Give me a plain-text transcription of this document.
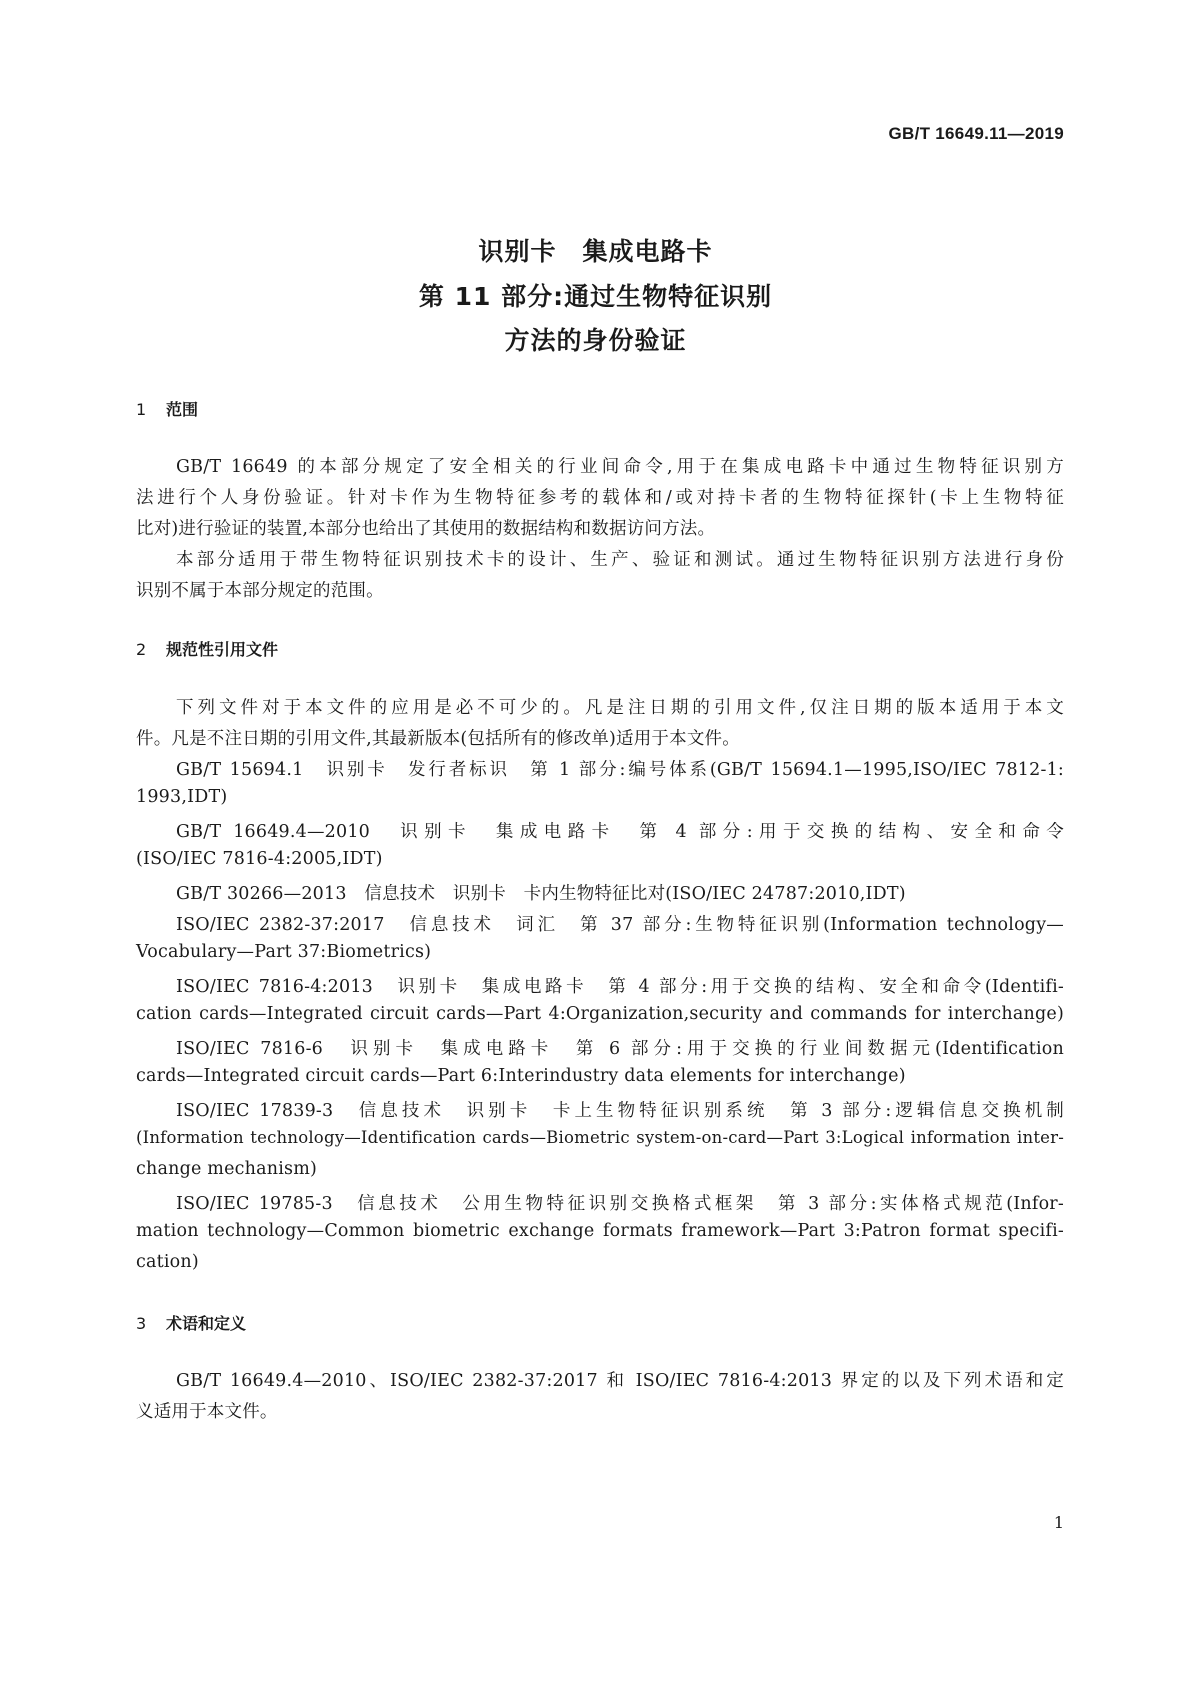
GB/T 16649.11—2019
识别卡　集成电路卡
第 11 部分:通过生物特征识别
方法的身份验证
1 范围
GB/T 16649 的本部分规定了安全相关的行业间命令,用于在集成电路卡中通过生物特征识别方
法进行个人身份验证。针对卡作为生物特征参考的载体和/或对持卡者的生物特征探针(卡上生物特征
比对)进行验证的装置,本部分也给出了其使用的数据结构和数据访问方法。
本部分适用于带生物特征识别技术卡的设计、生产、验证和测试。通过生物特征识别方法进行身份
识别不属于本部分规定的范围。
2 规范性引用文件
下列文件对于本文件的应用是必不可少的。凡是注日期的引用文件,仅注日期的版本适用于本文
件。凡是不注日期的引用文件,其最新版本(包括所有的修改单)适用于本文件。
GB/T 15694.1　识别卡　发行者标识　第 1 部分:编号体系(GB/T 15694.1—1995,ISO/IEC 7812-1:
1993,IDT)
GB/T 16649.4—2010　识别卡　集成电路卡　第 4 部分:用于交换的结构、安全和命令
(ISO/IEC 7816-4:2005,IDT)
GB/T 30266—2013　信息技术　识别卡　卡内生物特征比对(ISO/IEC 24787:2010,IDT)
ISO/IEC 2382-37:2017　信息技术　词汇　第 37 部分:生物特征识别(Information technology—
Vocabulary—Part 37:Biometrics)
ISO/IEC 7816-4:2013　识别卡　集成电路卡　第 4 部分:用于交换的结构、安全和命令(Identifi-
cation cards—Integrated circuit cards—Part 4:Organization,security and commands for interchange)
ISO/IEC 7816-6　识别卡　集成电路卡　第 6 部分:用于交换的行业间数据元(Identification
cards—Integrated circuit cards—Part 6:Interindustry data elements for interchange)
ISO/IEC 17839-3　信息技术　识别卡　卡上生物特征识别系统　第 3 部分:逻辑信息交换机制
(Information technology—Identification cards—Biometric system-on-card—Part 3:Logical information inter-
change mechanism)
ISO/IEC 19785-3　信息技术　公用生物特征识别交换格式框架　第 3 部分:实体格式规范(Infor-
mation technology—Common biometric exchange formats framework—Part 3:Patron format specifi-
cation)
3 术语和定义
GB/T 16649.4—2010、ISO/IEC 2382-37:2017 和 ISO/IEC 7816-4:2013 界定的以及下列术语和定
义适用于本文件。
1
